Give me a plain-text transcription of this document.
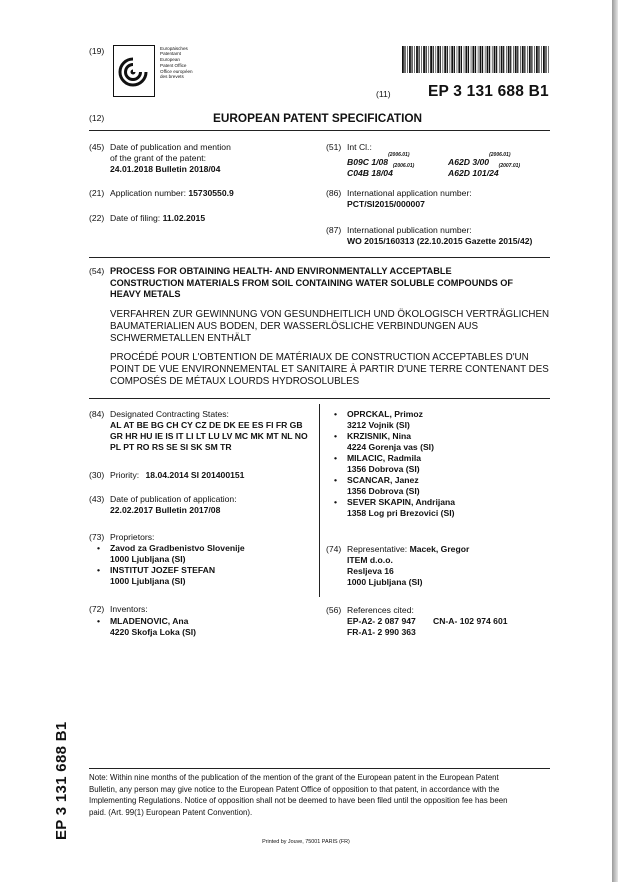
(19)	Europäisches
Patentamt
European
Patent Office
Office européen
des brevets
(11) EP 3 131 688 B1
(12)	EUROPEAN PATENT SPECIFICATION
(45) Date of publication and mention
of the grant of the patent:
24.01.2018 Bulletin 2018/04
(21) Application number: 15730550.9
(22) Date of filing: 11.02.2015
(51) Int Cl.:
B09C $1/08^{(2006.01)}$
A62D $3/00^{(2006.01)}$
C04B $18/04^{(2006.01)}$
A62D $101/24^{(2007.01)}$
(86) International application number:
PCT/SI2015/000007
(87) International publication number:
WO 2015/160313 (22.10.2015 Gazette 2015/42)
(54) PROCESS FOR OBTAINING HEALTH- AND ENVIRONMENTALLY ACCEPTABLE
CONSTRUCTION MATERIALS FROM SOIL CONTAINING WATER SOLUBLE COMPOUNDS OF
HEAVY METALS
VERFAHREN ZUR GEWINNUNG VON GESUNDHEITLICH UND ÖKOLOGISCH VERTRÄGLICHEN
BAUMATERIALIEN AUS BODEN, DER WASSERLÖSLICHE VERBINDUNGEN AUS
SCHWERMETALLEN ENTHÄLT
PROCÉDÉ POUR L'OBTENTION DE MATÉRIAUX DE CONSTRUCTION ACCEPTABLES D'UN
POINT DE VUE ENVIRONNEMENTAL ET SANITAIRE À PARTIR D'UNE TERRE CONTENANT DES
COMPOSÉS DE MÉTAUX LOURDS HYDROSOLUBLES
(84) Designated Contracting States:
AL AT BE BG CH CY CZ DE DK EE ES FI FR GB
GR HR HU IE IS IT LI LT LU LV MC MK MT NL NO
PL PT RO RS SE SI SK SM TR
(30) Priority: 18.04.2014 SI 201400151
(43) Date of publication of application:
22.02.2017 Bulletin 2017/08
(73) Proprietors:
• Zavod za Gradbenistvo Slovenije
1000 Ljubljana (SI)
• INSTITUT JOZEF STEFAN
1000 Ljubljana (SI)
(72) Inventors:
• MLADENOVIC, Ana
4220 Skofja Loka (SI)
• OPRCKAL, Primoz
3212 Vojnik (SI)
• KRZISNIK, Nina
4224 Gorenja vas (SI)
• MILACIC, Radmila
1356 Dobrova (SI)
• SCANCAR, Janez
1356 Dobrova (SI)
• SEVER SKAPIN, Andrijana
1358 Log pri Brezovici (SI)
(74) Representative: Macek, Gregor
ITEM d.o.o.
Resljeva 16
1000 Ljubljana (SI)
(56) References cited:
EP-A2- 2 087 947 CN-A- 102 974 601
FR-A1- 2 990 363
EP 3 131 688 B1 Note: Within nine months of the publication of the mention of the grant of the European patent in the European Patent
Bulletin, any person may give notice to the European Patent Office of opposition to that patent, in accordance with the
Implementing Regulations. Notice of opposition shall not be deemed to have been filed until the opposition fee has been
paid. (Art. 99(1) European Patent Convention).
Printed by Jouve, 75001 PARIS (FR)
